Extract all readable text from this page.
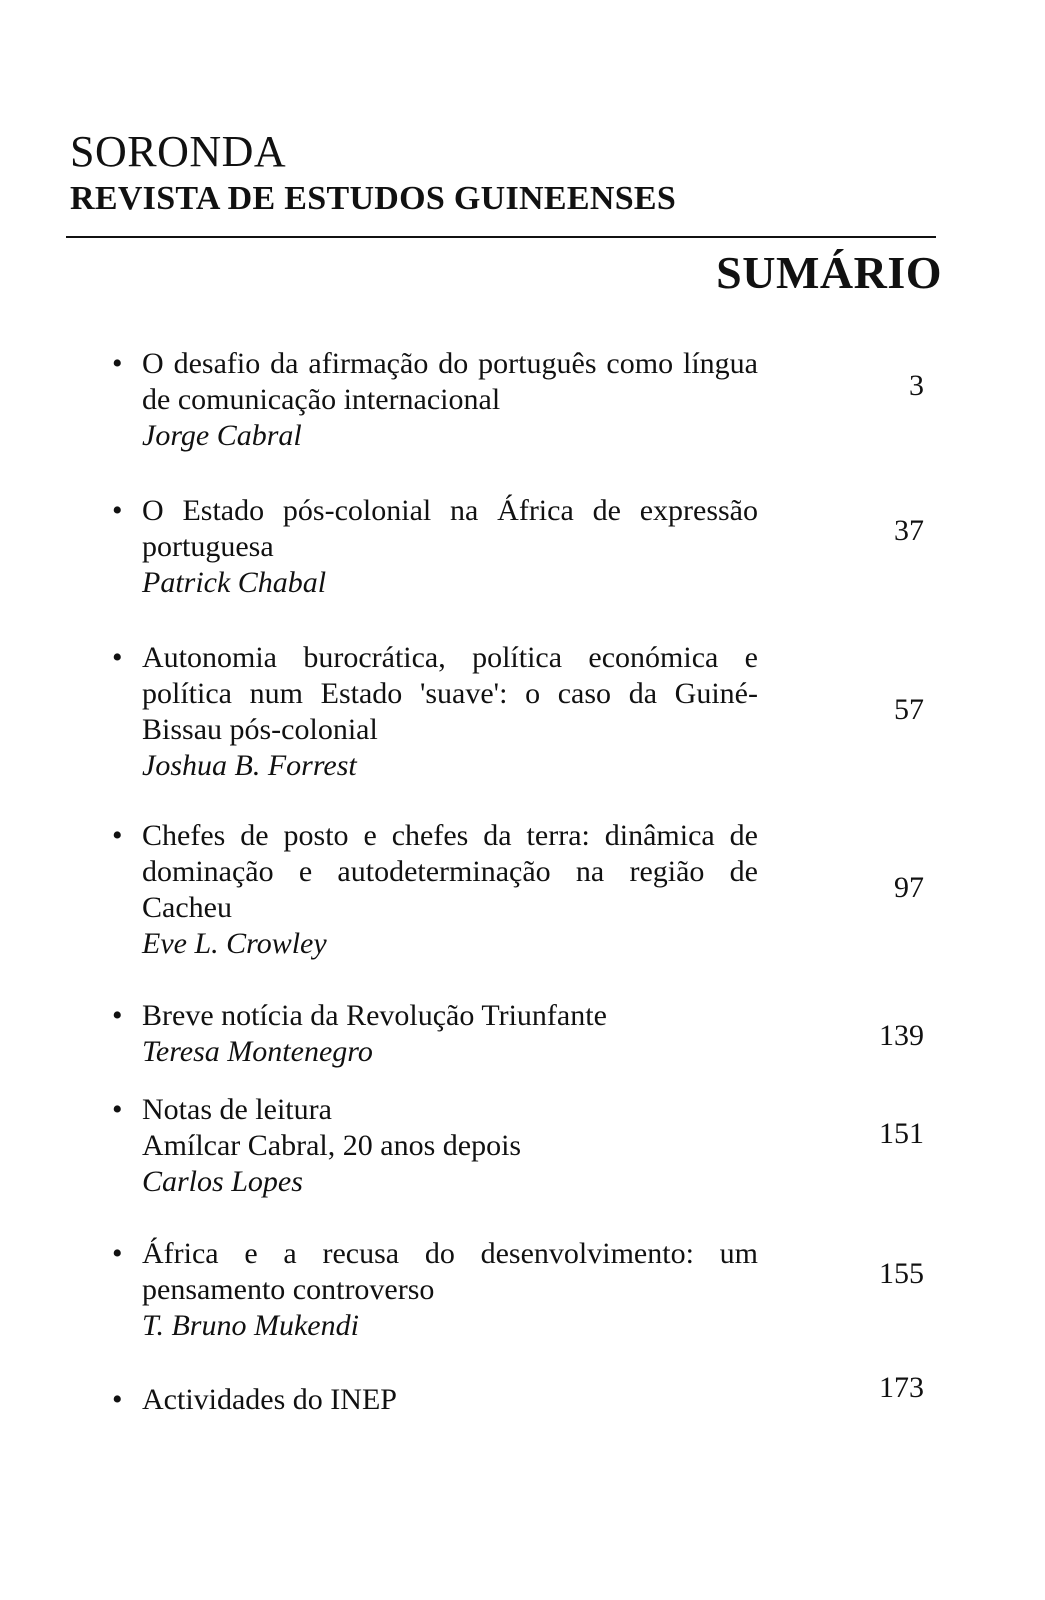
SORONDA
REVISTA DE ESTUDOS GUINEENSES
SUMÁRIO
• O desafio da afirmação do português como língua de comunicação internacional
Jorge Cabral
3
• O Estado pós-colonial na África de expressão portuguesa
Patrick Chabal
37
• Autonomia burocrática, política económica e política num Estado 'suave': o caso da Guiné-Bissau pós-colonial
Joshua B. Forrest
57
• Chefes de posto e chefes da terra: dinâmica de dominação e autodeterminação na região de Cacheu
Eve L. Crowley
97
• Breve notícia da Revolução Triunfante
Teresa Montenegro	139
• Notas de leitura
Amílcar Cabral, 20 anos depois
Carlos Lopes
151
• África e a recusa do desenvolvimento: um pensamento controverso
T. Bruno Mukendi
155
• Actividades do INEP	173
